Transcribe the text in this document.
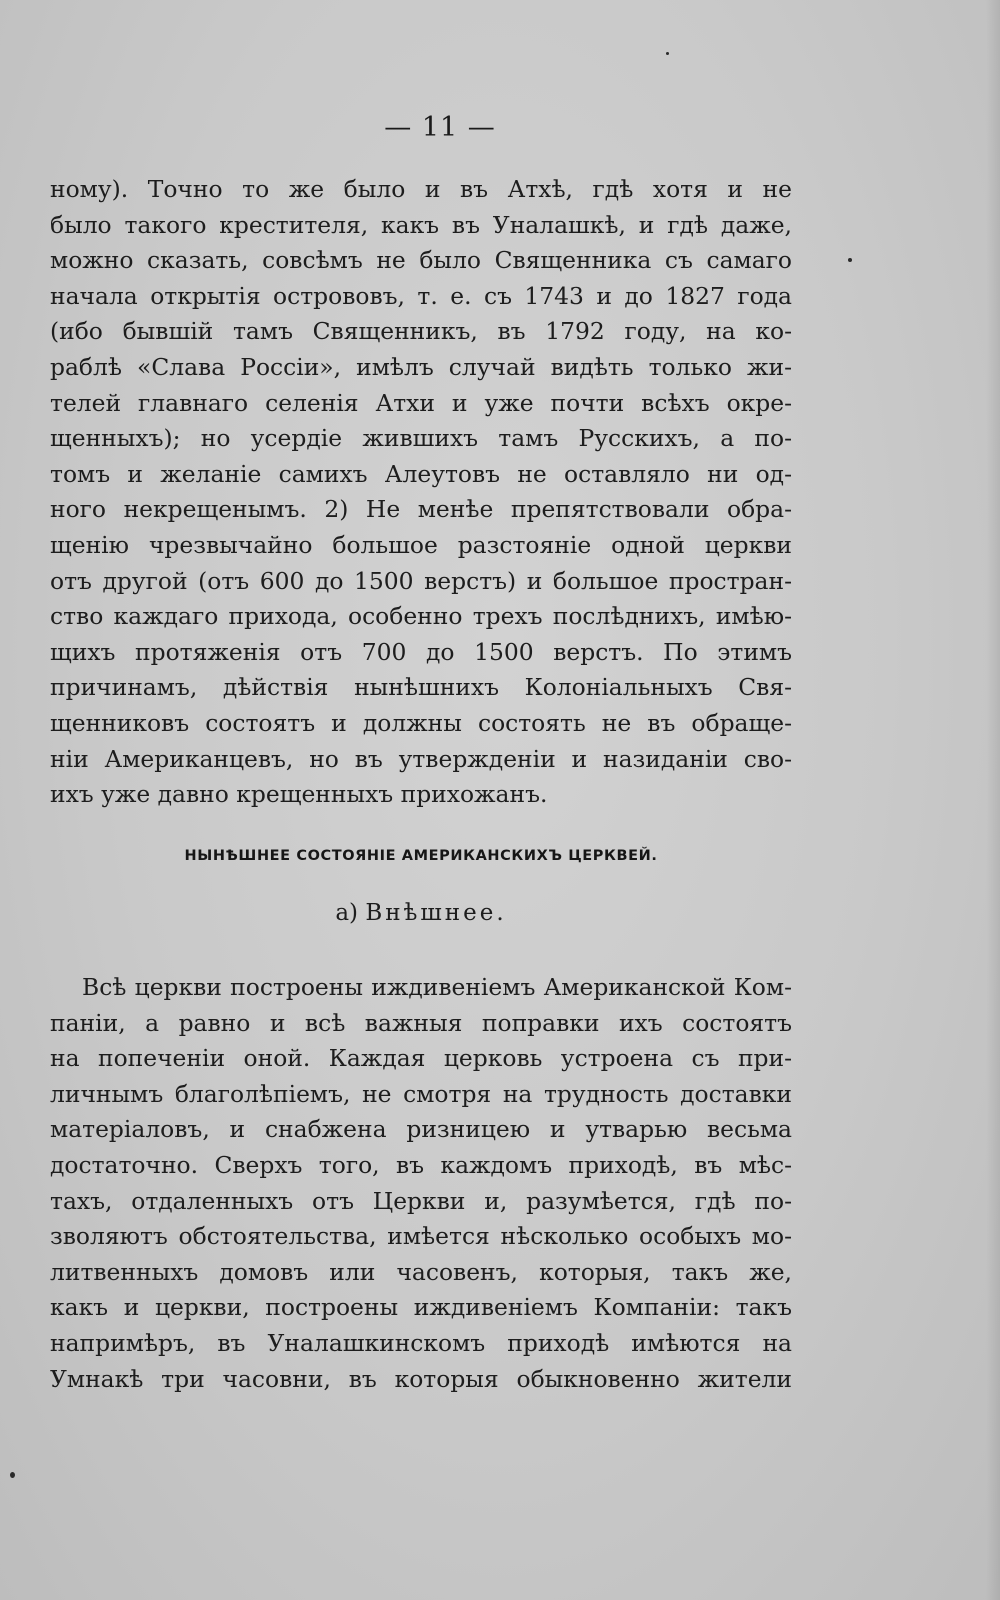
— 11 —
ному). Точно то же было и въ Атхѣ, гдѣ хотя и не
было такого крестителя, какъ въ Уналашкѣ, и гдѣ даже,
можно сказать, совсѣмъ не было Священника съ самаго
начала открытія острововъ, т. е. съ 1743 и до 1827 года
(ибо бывшій тамъ Священникъ, въ 1792 году, на ко-
раблѣ «Слава Россіи», имѣлъ случай видѣть только жи-
телей главнаго селенія Атхи и уже почти всѣхъ окре-
щенныхъ); но усердіе жившихъ тамъ Русскихъ, а по-
томъ и желаніе самихъ Алеутовъ не оставляло ни од-
ного некрещенымъ. 2) Не менѣе препятствовали обра-
щенію чрезвычайно большое разстояніе одной церкви
отъ другой (отъ 600 до 1500 верстъ) и большое простран-
ство каждаго прихода, особенно трехъ послѣднихъ, имѣю-
щихъ протяженія отъ 700 до 1500 верстъ. По этимъ
причинамъ, дѣйствія нынѣшнихъ Колоніальныхъ Свя-
щенниковъ состоятъ и должны состоять не въ обраще-
ніи Американцевъ, но въ утвержденіи и назиданіи сво-
ихъ уже давно крещенныхъ прихожанъ.
НЫНѢШНЕЕ СОСТОЯНІЕ АМЕРИКАНСКИХЪ ЦЕРКВЕЙ.
а) Внѣшнее.
Всѣ церкви построены иждивеніемъ Американской Ком-
паніи, а равно и всѣ важныя поправки ихъ состоятъ
на попеченіи оной. Каждая церковь устроена съ при-
личнымъ благолѣпіемъ, не смотря на трудность доставки
матеріаловъ, и снабжена ризницею и утварью весьма
достаточно. Сверхъ того, въ каждомъ приходѣ, въ мѣс-
тахъ, отдаленныхъ отъ Церкви и, разумѣется, гдѣ по-
зволяютъ обстоятельства, имѣется нѣсколько особыхъ мо-
литвенныхъ домовъ или часовенъ, которыя, такъ же,
какъ и церкви, построены иждивеніемъ Компаніи: такъ
напримѣръ, въ Уналашкинскомъ приходѣ имѣются на
Умнакѣ три часовни, въ которыя обыкновенно жители
